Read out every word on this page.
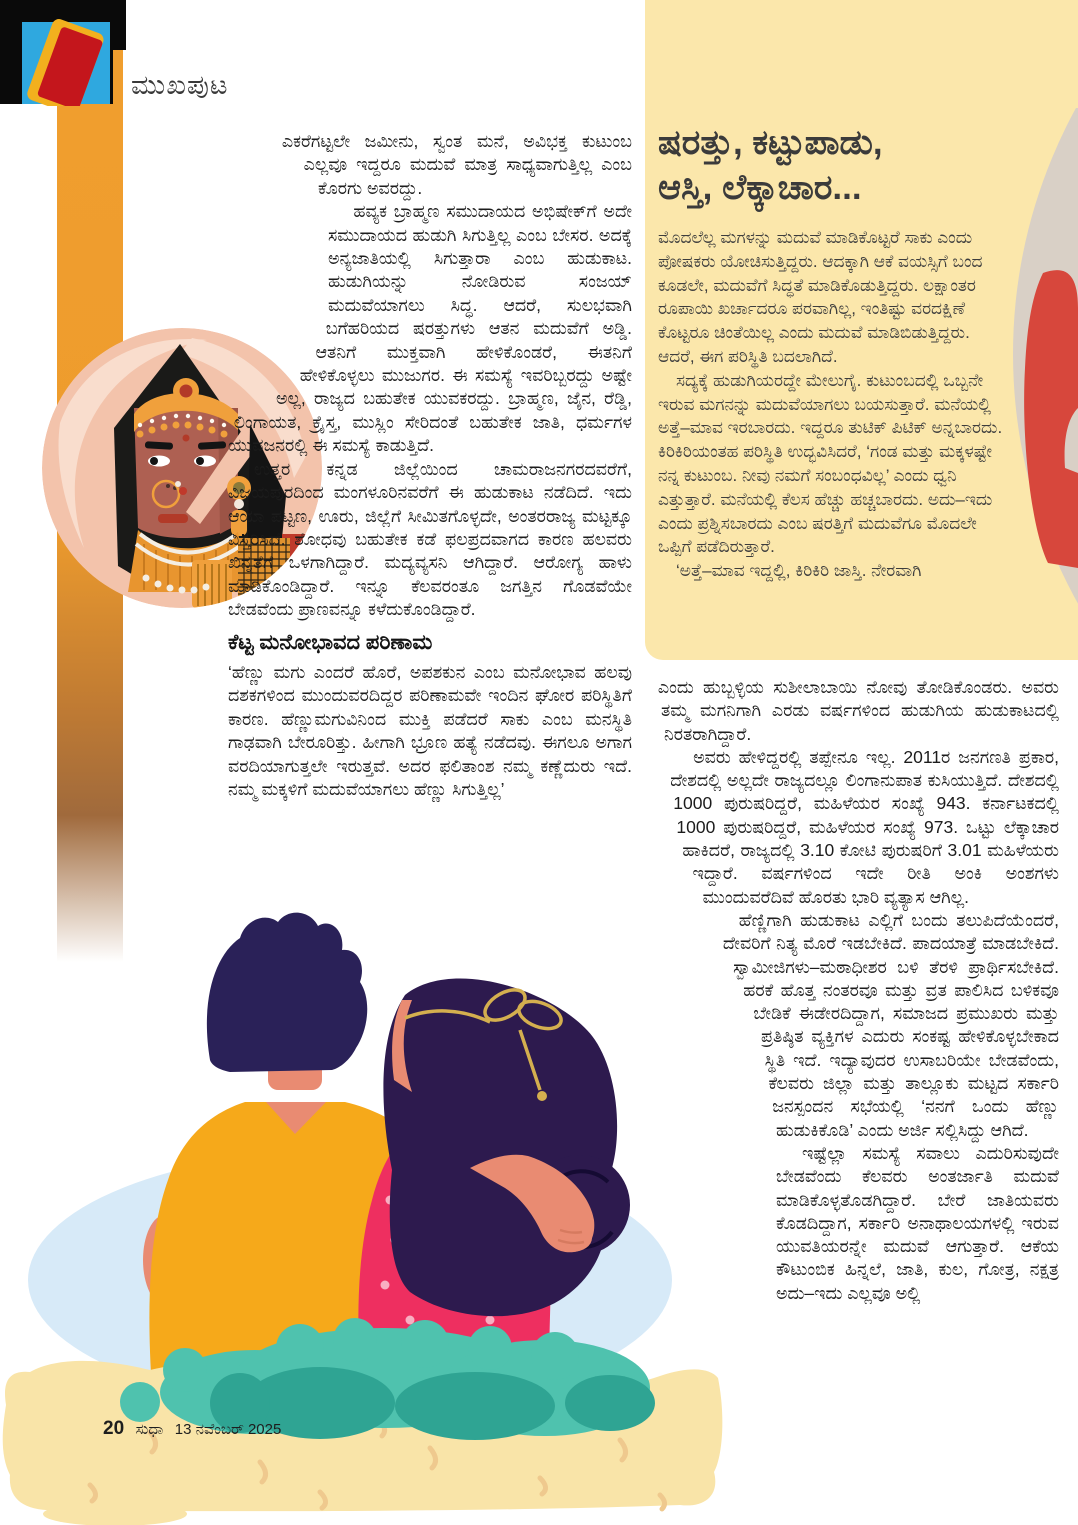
ಮುಖಪುಟ
ಷರತ್ತು, ಕಟ್ಟುಪಾಡು,
ಆಸ್ತಿ, ಲೆಕ್ಕಾಚಾರ...

ಮೊದಲೆಲ್ಲ ಮಗಳನ್ನು ಮದುವೆ ಮಾಡಿಕೊಟ್ಟರೆ ಸಾಕು ಎಂದು ಪೋಷಕರು ಯೋಚಿಸುತ್ತಿದ್ದರು. ಆದಕ್ಕಾಗಿ ಆಕೆ ವಯಸ್ಸಿಗೆ ಬಂದ ಕೂಡಲೇ, ಮದುವೆಗೆ ಸಿದ್ಧತೆ ಮಾಡಿಕೊಡುತ್ತಿದ್ದರು. ಲಕ್ಷಾಂತರ ರೂಪಾಯಿ ಖರ್ಚಾದರೂ ಪರವಾಗಿಲ್ಲ, ಇಂತಿಷ್ಟು ವರದಕ್ಷಿಣೆ ಕೊಟ್ಟರೂ ಚಿಂತೆಯಿಲ್ಲ ಎಂದು ಮದುವೆ ಮಾಡಿಬಿಡುತ್ತಿದ್ದರು. ಆದರೆ, ಈಗ ಪರಿಸ್ಥಿತಿ ಬದಲಾಗಿದೆ.

ಸದ್ಯಕ್ಕೆ ಹುಡುಗಿಯರದ್ದೇ ಮೇಲುಗೈ. ಕುಟುಂಬದಲ್ಲಿ ಒಬ್ಬನೇ ಇರುವ ಮಗನನ್ನು ಮದುವೆಯಾಗಲು ಬಯಸುತ್ತಾರೆ. ಮನೆಯಲ್ಲಿ ಅತ್ತೆ–ಮಾವ ಇರಬಾರದು. ಇದ್ದರೂ ತುಟಿಕ್ ಪಿಟಿಕ್ ಅನ್ನಬಾರದು. ಕಿರಿಕಿರಿಯಂತಹ ಪರಿಸ್ಥಿತಿ ಉದ್ಭವಿಸಿದರೆ, ‘ಗಂಡ ಮತ್ತು ಮಕ್ಕಳಷ್ಟೇ ನನ್ನ ಕುಟುಂಬ. ನೀವು ನಮಗೆ ಸಂಬಂಧವಿಲ್ಲ’ ಎಂದು ಧ್ವನಿ ಎತ್ತುತ್ತಾರೆ. ಮನೆಯಲ್ಲಿ ಕೆಲಸ ಹೆಚ್ಚು ಹಚ್ಚಬಾರದು. ಅದು–ಇದು ಎಂದು ಪ್ರಶ್ನಿಸಬಾರದು ಎಂಬ ಷರತ್ತಿಗೆ ಮದುವೆಗೂ ಮೊದಲೇ ಒಪ್ಪಿಗೆ ಪಡೆದಿರುತ್ತಾರೆ.

‘ಅತ್ತೆ–ಮಾವ ಇದ್ದಲ್ಲಿ, ಕಿರಿಕಿರಿ ಜಾಸ್ತಿ. ನೇರವಾಗಿ

ಎಕರೆಗಟ್ಟಲೇ ಜಮೀನು, ಸ್ವಂತ ಮನೆ, ಅವಿಭಕ್ತ ಕುಟುಂಬ ಎಲ್ಲವೂ ಇದ್ದರೂ ಮದುವೆ ಮಾತ್ರ ಸಾಧ್ಯವಾಗುತ್ತಿಲ್ಲ ಎಂಬ ಕೊರಗು ಅವರದ್ದು.

ಹವ್ಯಕ ಬ್ರಾಹ್ಮಣ ಸಮುದಾಯದ ಅಭಿಷೇಕ್‌ಗೆ ಅದೇ ಸಮುದಾಯದ ಹುಡುಗಿ ಸಿಗುತ್ತಿಲ್ಲ ಎಂಬ ಬೇಸರ. ಅದಕ್ಕೆ ಅನ್ಯಜಾತಿಯಲ್ಲಿ ಸಿಗುತ್ತಾರಾ ಎಂಬ ಹುಡುಕಾಟ. ಹುಡುಗಿಯನ್ನು ನೋಡಿರುವ ಸಂಜಯ್ ಮದುವೆಯಾಗಲು ಸಿದ್ಧ. ಆದರೆ, ಸುಲಭವಾಗಿ ಬಗೆಹರಿಯದ ಷರತ್ತುಗಳು ಆತನ ಮದುವೆಗೆ ಅಡ್ಡಿ. ಆತನಿಗೆ ಮುಕ್ತವಾಗಿ ಹೇಳಿಕೊಂಡರೆ, ಈತನಿಗೆ ಹೇಳಿಕೊಳ್ಳಲು ಮುಜುಗರ. ಈ ಸಮಸ್ಯೆ ಇವರಿಬ್ಬರದ್ದು ಅಷ್ಟೇ ಅಲ್ಲ, ರಾಜ್ಯದ ಬಹುತೇಕ ಯುವಕರದ್ದು. ಬ್ರಾಹ್ಮಣ, ಜೈನ, ರೆಡ್ಡಿ, ಲಿಂಗಾಯತ, ಕ್ರೈಸ್ತ, ಮುಸ್ಲಿಂ ಸೇರಿದಂತೆ ಬಹುತೇಕ ಜಾತಿ, ಧರ್ಮಗಳ ಯುವಜನರಲ್ಲಿ ಈ ಸಮಸ್ಯೆ ಕಾಡುತ್ತಿದೆ.

ಉತ್ತರ ಕನ್ನಡ ಜಿಲ್ಲೆಯಿಂದ ಚಾಮರಾಜನಗರದವರೆಗೆ, ವಿಜಯಪುರದಿಂದ ಮಂಗಳೂರಿನವರೆಗೆ ಈ ಹುಡುಕಾಟ ನಡೆದಿದೆ. ಇದು ಆಯಾ ಪಟ್ಟಣ, ಊರು, ಜಿಲ್ಲೆಗೆ ಸೀಮಿತಗೊಳ್ಳದೇ, ಅಂತರರಾಜ್ಯ ಮಟ್ಟಕ್ಕೂ ವಿಸ್ತರಿಸಿದೆ. ಶೋಧವು ಬಹುತೇಕ ಕಡೆ ಫಲಪ್ರದವಾಗದ ಕಾರಣ ಹಲವರು ಖಿನ್ನತೆಗೆ ಒಳಗಾಗಿದ್ದಾರೆ. ಮದ್ಯವ್ಯಸನಿ ಆಗಿದ್ದಾರೆ. ಆರೋಗ್ಯ ಹಾಳು ಮಾಡಿಕೊಂಡಿದ್ದಾರೆ. ಇನ್ನೂ ಕೆಲವರಂತೂ ಜಗತ್ತಿನ ಗೊಡವೆಯೇ ಬೇಡವೆಂದು ಪ್ರಾಣವನ್ನೂ ಕಳೆದುಕೊಂಡಿದ್ದಾರೆ.

ಕೆಟ್ಟ ಮನೋಭಾವದ ಪರಿಣಾಮ

‘ಹೆಣ್ಣು ಮಗು ಎಂದರೆ ಹೊರೆ, ಅಪಶಕುನ ಎಂಬ ಮನೋಭಾವ ಹಲವು ದಶಕಗಳಿಂದ ಮುಂದುವರದಿದ್ದರ ಪರಿಣಾಮವೇ ಇಂದಿನ ಘೋರ ಪರಿಸ್ಥಿತಿಗೆ ಕಾರಣ. ಹೆಣ್ಣುಮಗುವಿನಿಂದ ಮುಕ್ತಿ ಪಡೆದರೆ ಸಾಕು ಎಂಬ ಮನಸ್ಥಿತಿ ಗಾಢವಾಗಿ ಬೇರೂರಿತ್ತು. ಹೀಗಾಗಿ ಭ್ರೂಣ ಹತ್ಯೆ ನಡೆದವು. ಈಗಲೂ ಅಗಾಗ ವರದಿಯಾಗುತ್ತಲೇ ಇರುತ್ತವೆ. ಅದರ ಫಲಿತಾಂಶ ನಮ್ಮ ಕಣ್ಣೆದುರು ಇದೆ. ನಮ್ಮ ಮಕ್ಕಳಿಗೆ ಮದುವೆಯಾಗಲು ಹೆಣ್ಣು ಸಿಗುತ್ತಿಲ್ಲ’

ಎಂದು ಹುಬ್ಬಳ್ಳಿಯ ಸುಶೀಲಾಬಾಯಿ ನೋವು ತೋಡಿಕೊಂಡರು. ಅವರು ತಮ್ಮ ಮಗನಿಗಾಗಿ ಎರಡು ವರ್ಷಗಳಿಂದ ಹುಡುಗಿಯ ಹುಡುಕಾಟದಲ್ಲಿ ನಿರತರಾಗಿದ್ದಾರೆ.

ಅವರು ಹೇಳಿದ್ದರಲ್ಲಿ ತಪ್ಪೇನೂ ಇಲ್ಲ. 2011ರ ಜನಗಣತಿ ಪ್ರಕಾರ, ದೇಶದಲ್ಲಿ ಅಲ್ಲದೇ ರಾಜ್ಯದಲ್ಲೂ ಲಿಂಗಾನುಪಾತ ಕುಸಿಯುತ್ತಿದೆ. ದೇಶದಲ್ಲಿ 1000 ಪುರುಷರಿದ್ದರೆ, ಮಹಿಳೆಯರ ಸಂಖ್ಯೆ 943. ಕರ್ನಾಟಕದಲ್ಲಿ 1000 ಪುರುಷರಿದ್ದರೆ, ಮಹಿಳೆಯರ ಸಂಖ್ಯೆ 973. ಒಟ್ಟು ಲೆಕ್ಕಾಚಾರ ಹಾಕಿದರೆ, ರಾಜ್ಯದಲ್ಲಿ 3.10 ಕೋಟಿ ಪುರುಷರಿಗೆ 3.01 ಮಹಿಳೆಯರು ಇದ್ದಾರೆ. ವರ್ಷಗಳಿಂದ ಇದೇ ರೀತಿ ಅಂಕಿ ಅಂಶಗಳು ಮುಂದುವರೆದಿವೆ ಹೊರತು ಭಾರಿ ವ್ಯತ್ಯಾಸ ಆಗಿಲ್ಲ.

ಹೆಣ್ಣಿಗಾಗಿ ಹುಡುಕಾಟ ಎಲ್ಲಿಗೆ ಬಂದು ತಲುಪಿದೆಯೆಂದರೆ, ದೇವರಿಗೆ ನಿತ್ಯ ಮೊರೆ ಇಡಬೇಕಿದೆ. ಪಾದಯಾತ್ರೆ ಮಾಡಬೇಕಿದೆ. ಸ್ವಾಮೀಜಿಗಳು–ಮಠಾಧೀಶರ ಬಳಿ ತೆರಳಿ ಪ್ರಾರ್ಥಿಸಬೇಕಿದೆ. ಹರಕೆ ಹೊತ್ತ ನಂತರವೂ ಮತ್ತು ವ್ರತ ಪಾಲಿಸಿದ ಬಳಿಕವೂ ಬೇಡಿಕೆ ಈಡೇರದಿದ್ದಾಗ, ಸಮಾಜದ ಪ್ರಮುಖರು ಮತ್ತು ಪ್ರತಿಷ್ಠಿತ ವ್ಯಕ್ತಿಗಳ ಎದುರು ಸಂಕಷ್ಟ ಹೇಳಿಕೊಳ್ಳಬೇಕಾದ ಸ್ಥಿತಿ ಇದೆ. ಇದ್ಯಾವುದರ ಉಸಾಬರಿಯೇ ಬೇಡವೆಂದು, ಕೆಲವರು ಜಿಲ್ಲಾ ಮತ್ತು ತಾಲ್ಲೂಕು ಮಟ್ಟದ ಸರ್ಕಾರಿ ಜನಸ್ಪಂದನ ಸಭೆಯಲ್ಲಿ ‘ನನಗೆ ಒಂದು ಹೆಣ್ಣು ಹುಡುಕಿಕೊಡಿ’ ಎಂದು ಅರ್ಜಿ ಸಲ್ಲಿಸಿದ್ದು ಆಗಿದೆ.

ಇಷ್ಟೆಲ್ಲಾ ಸಮಸ್ಯೆ ಸವಾಲು ಎದುರಿಸುವುದೇ ಬೇಡವೆಂದು ಕೆಲವರು ಅಂತರ್ಜಾತಿ ಮದುವೆ ಮಾಡಿಕೊಳ್ಳತೊಡಗಿದ್ದಾರೆ. ಬೇರೆ ಜಾತಿಯವರು ಕೊಡದಿದ್ದಾಗ, ಸರ್ಕಾರಿ ಅನಾಥಾಲಯಗಳಲ್ಲಿ ಇರುವ ಯುವತಿಯರನ್ನೇ ಮದುವೆ ಆಗುತ್ತಾರೆ. ಆಕೆಯ ಕೌಟುಂಬಿಕ ಹಿನ್ನಲೆ, ಜಾತಿ, ಕುಲ, ಗೋತ್ರ, ನಕ್ಷತ್ರ ಅದು–ಇದು ಎಲ್ಲವೂ ಅಲ್ಲಿ

20 ಸುಧಾ 13 ನವೆಂಬರ್ 2025
